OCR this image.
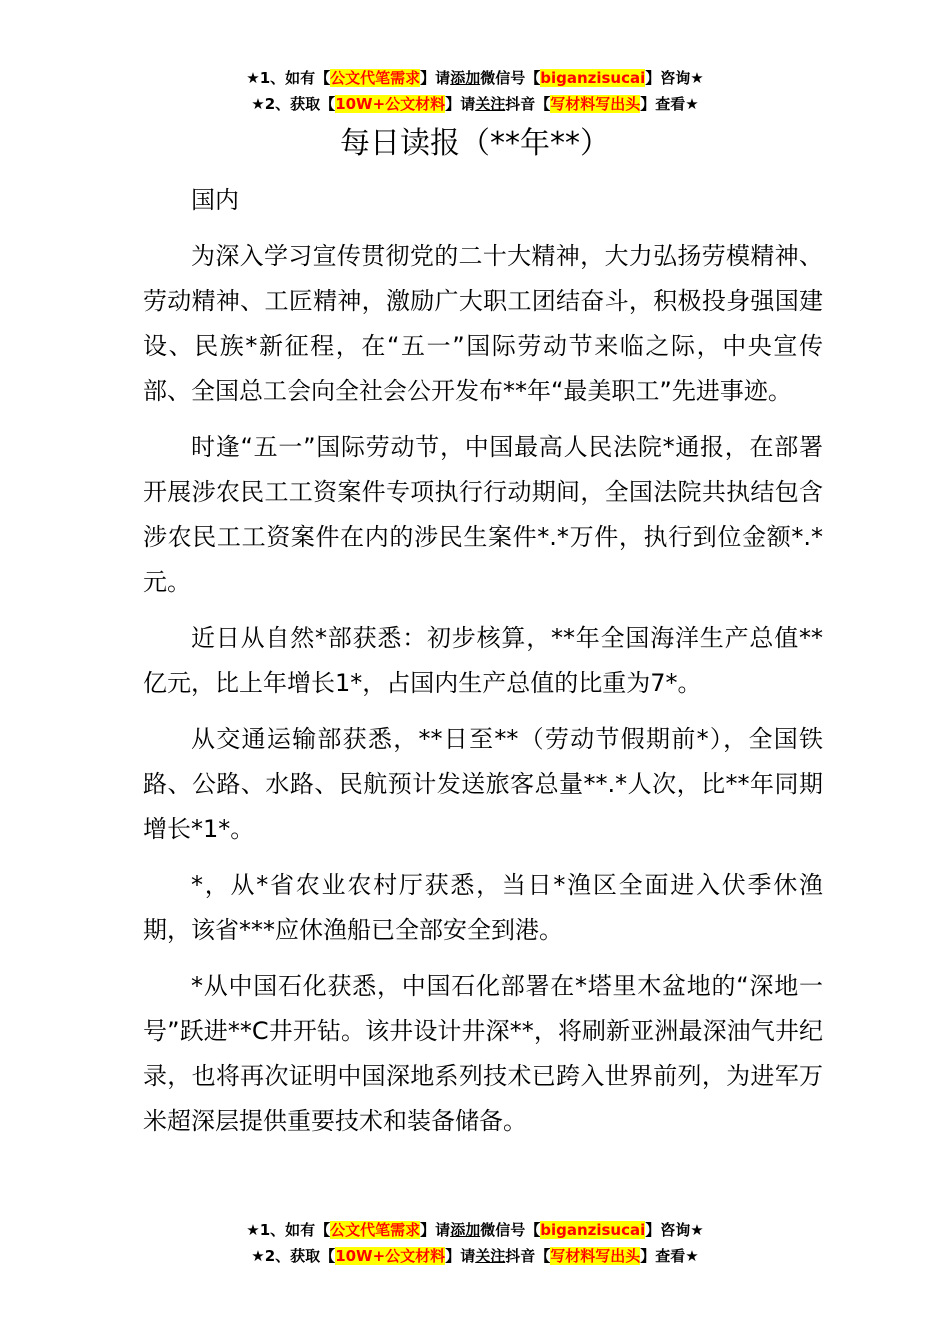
★1、如有【公文代笔需求】请添加微信号【biganzisucai】咨询★
★2、获取【10W+公文材料】请关注抖音【写材料写出头】查看★
每日读报（**年**）

国内

为深入学习宣传贯彻党的二十大精神，大力弘扬劳模精神、劳动精神、工匠精神，激励广大职工团结奋斗，积极投身强国建设、民族*新征程，在“五一”国际劳动节来临之际，中央宣传部、全国总工会向全社会公开发布**年“最美职工”先进事迹。

时逢“五一”国际劳动节，中国最高人民法院*通报，在部署开展涉农民工工资案件专项执行行动期间，全国法院共执结包含涉农民工工资案件在内的涉民生案件*.*万件，执行到位金额*.*元。

近日从自然*部获悉：初步核算，**年全国海洋生产总值**亿元，比上年增长1*，占国内生产总值的比重为7*。

从交通运输部获悉，**日至**（劳动节假期前*），全国铁路、公路、水路、民航预计发送旅客总量**.*人次，比**年同期增长*1*。

*，从*省农业农村厅获悉，当日*渔区全面进入伏季休渔期，该省***应休渔船已全部安全到港。

*从中国石化获悉，中国石化部署在*塔里木盆地的“深地一号”跃进**C井开钻。该井设计井深**，将刷新亚洲最深油气井纪录，也将再次证明中国深地系列技术已跨入世界前列，为进军万米超深层提供重要技术和装备储备。

★1、如有【公文代笔需求】请添加微信号【biganzisucai】咨询★
★2、获取【10W+公文材料】请关注抖音【写材料写出头】查看★
